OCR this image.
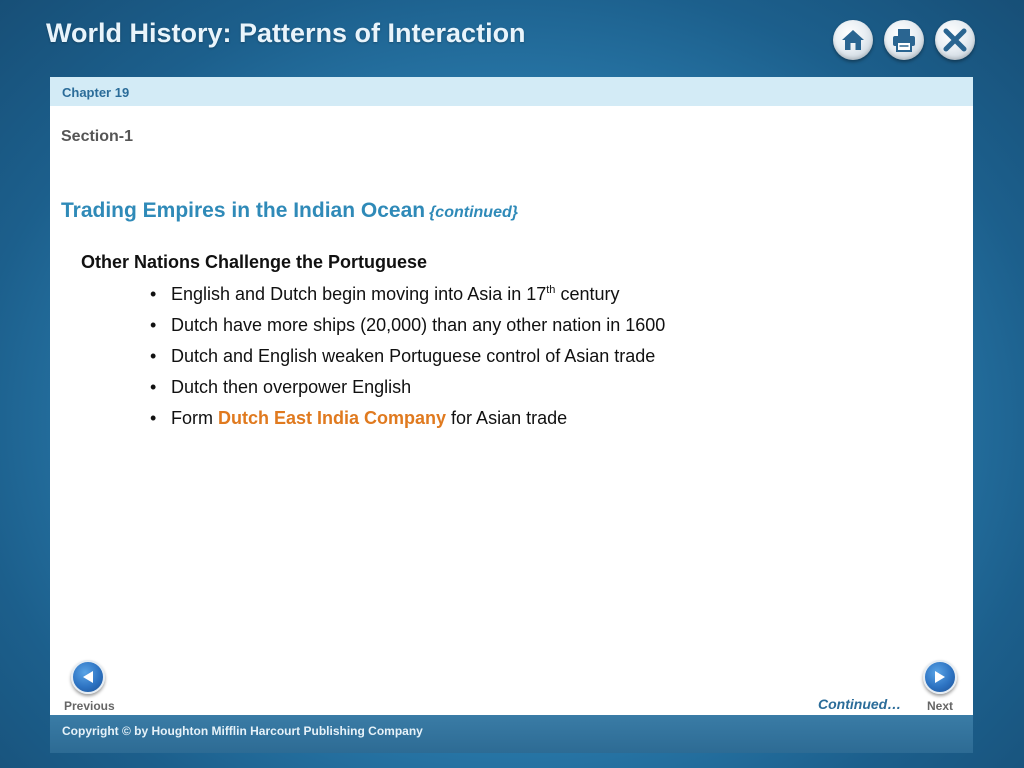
World History: Patterns of Interaction
Chapter 19
Section-1
Trading Empires in the Indian Ocean {continued}
Other Nations Challenge the Portuguese
• English and Dutch begin moving into Asia in 17th century
• Dutch have more ships (20,000) than any other nation in 1600
• Dutch and English weaken Portuguese control of Asian trade
• Dutch then overpower English
• Form Dutch East India Company for Asian trade
Previous	Continued… Next
Copyright © by Houghton Mifflin Harcourt Publishing Company
